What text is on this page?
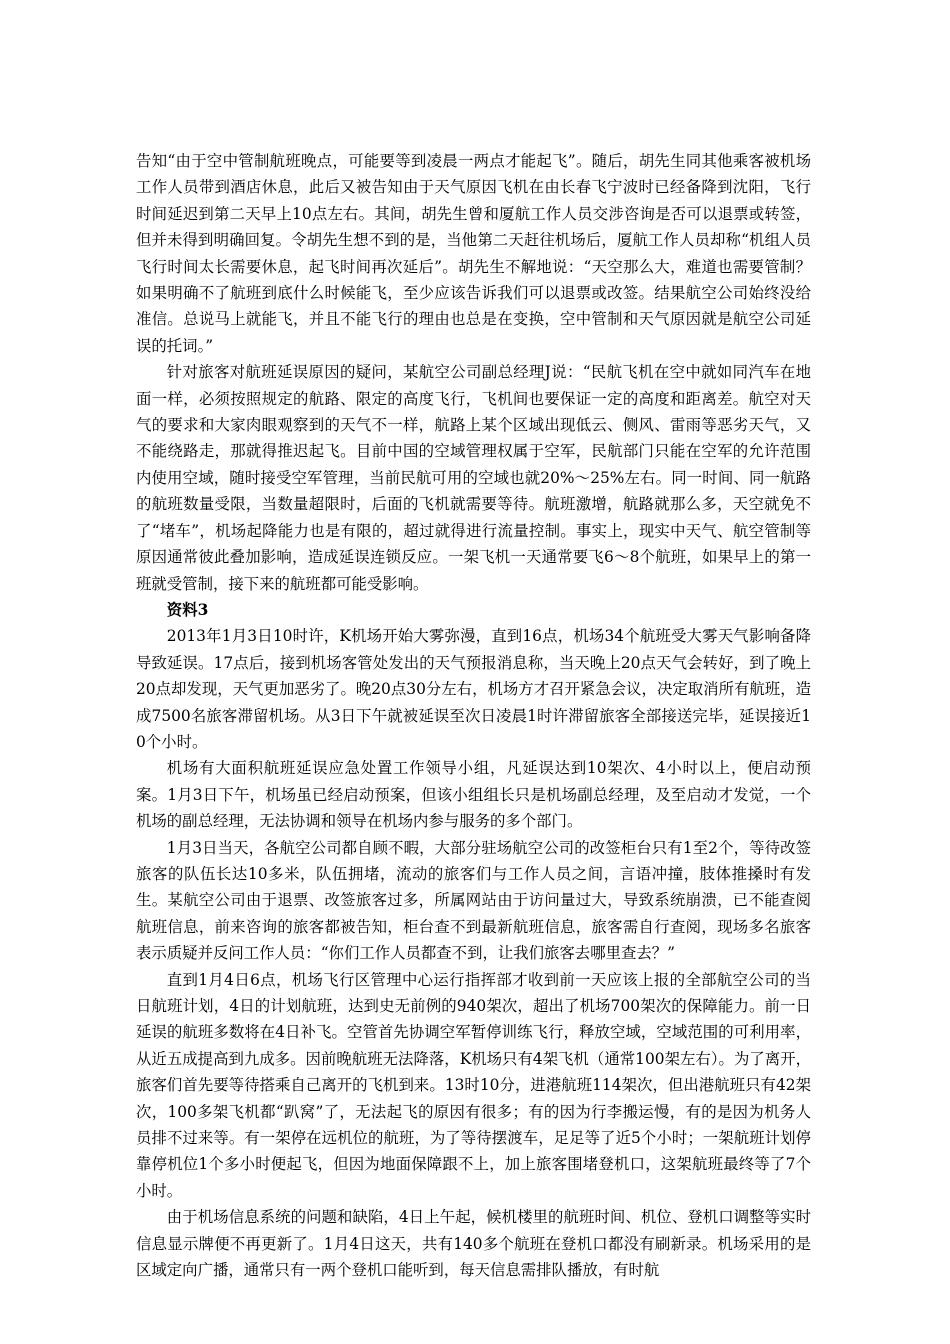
告知“由于空中管制航班晚点，可能要等到凌晨一两点才能起飞”。随后，胡先生同其他乘客被机场工作人员带到酒店休息，此后又被告知由于天气原因飞机在由长春飞宁波时已经备降到沈阳，飞行时间延迟到第二天早上10点左右。其间，胡先生曾和厦航工作人员交涉咨询是否可以退票或转签，但并未得到明确回复。令胡先生想不到的是，当他第二天赶往机场后，厦航工作人员却称“机组人员飞行时间太长需要休息，起飞时间再次延后”。胡先生不解地说：“天空那么大，难道也需要管制？如果明确不了航班到底什么时候能飞，至少应该告诉我们可以退票或改签。结果航空公司始终没给准信。总说马上就能飞，并且不能飞行的理由也总是在变换，空中管制和天气原因就是航空公司延误的托词。”

针对旅客对航班延误原因的疑问，某航空公司副总经理J说：“民航飞机在空中就如同汽车在地面一样，必须按照规定的航路、限定的高度飞行，飞机间也要保证一定的高度和距离差。航空对天气的要求和大家肉眼观察到的天气不一样，航路上某个区域出现低云、侧风、雷雨等恶劣天气，又不能绕路走，那就得推迟起飞。目前中国的空域管理权属于空军，民航部门只能在空军的允许范围内使用空域，随时接受空军管理，当前民航可用的空域也就20%～25%左右。同一时间、同一航路的航班数量受限，当数量超限时，后面的飞机就需要等待。航班激增，航路就那么多，天空就免不了“堵车”，机场起降能力也是有限的，超过就得进行流量控制。事实上，现实中天气、航空管制等原因通常彼此叠加影响，造成延误连锁反应。一架飞机一天通常要飞6～8个航班，如果早上的第一班就受管制，接下来的航班都可能受影响。

资料3

2013年1月3日10时许，K机场开始大雾弥漫，直到16点，机场34个航班受大雾天气影响备降导致延误。17点后，接到机场客管处发出的天气预报消息称，当天晚上20点天气会转好，到了晚上20点却发现，天气更加恶劣了。晚20点30分左右，机场方才召开紧急会议，决定取消所有航班，造成7500名旅客滞留机场。从3日下午就被延误至次日凌晨1时许滞留旅客全部接送完毕，延误接近10个小时。

机场有大面积航班延误应急处置工作领导小组，凡延误达到10架次、4小时以上，便启动预案。1月3日下午，机场虽已经启动预案，但该小组组长只是机场副总经理，及至启动才发觉，一个机场的副总经理，无法协调和领导在机场内参与服务的多个部门。

1月3日当天，各航空公司都自顾不暇，大部分驻场航空公司的改签柜台只有1至2个，等待改签旅客的队伍长达10多米，队伍拥堵，流动的旅客们与工作人员之间，言语冲撞，肢体推搡时有发生。某航空公司由于退票、改签旅客过多，所属网站由于访问量过大，导致系统崩溃，已不能查阅航班信息，前来咨询的旅客都被告知，柜台查不到最新航班信息，旅客需自行查阅，现场多名旅客表示质疑并反问工作人员：“你们工作人员都查不到，让我们旅客去哪里查去？”

直到1月4日6点，机场飞行区管理中心运行指挥部才收到前一天应该上报的全部航空公司的当日航班计划，4日的计划航班，达到史无前例的940架次，超出了机场700架次的保障能力。前一日延误的航班多数将在4日补飞。空管首先协调空军暂停训练飞行，释放空域，空域范围的可利用率，从近五成提高到九成多。因前晚航班无法降落，K机场只有4架飞机（通常100架左右）。为了离开，旅客们首先要等待搭乘自己离开的飞机到来。13时10分，进港航班114架次，但出港航班只有42架次，100多架飞机都“趴窝”了，无法起飞的原因有很多；有的因为行李搬运慢，有的是因为机务人员排不过来等。有一架停在远机位的航班，为了等待摆渡车，足足等了近5个小时；一架航班计划停靠停机位1个多小时便起飞，但因为地面保障跟不上，加上旅客围堵登机口，这架航班最终等了7个小时。

由于机场信息系统的问题和缺陷，4日上午起，候机楼里的航班时间、机位、登机口调整等实时信息显示牌便不再更新了。1月4日这天，共有140多个航班在登机口都没有刷新录。机场采用的是区域定向广播，通常只有一两个登机口能听到，每天信息需排队播放，有时航
